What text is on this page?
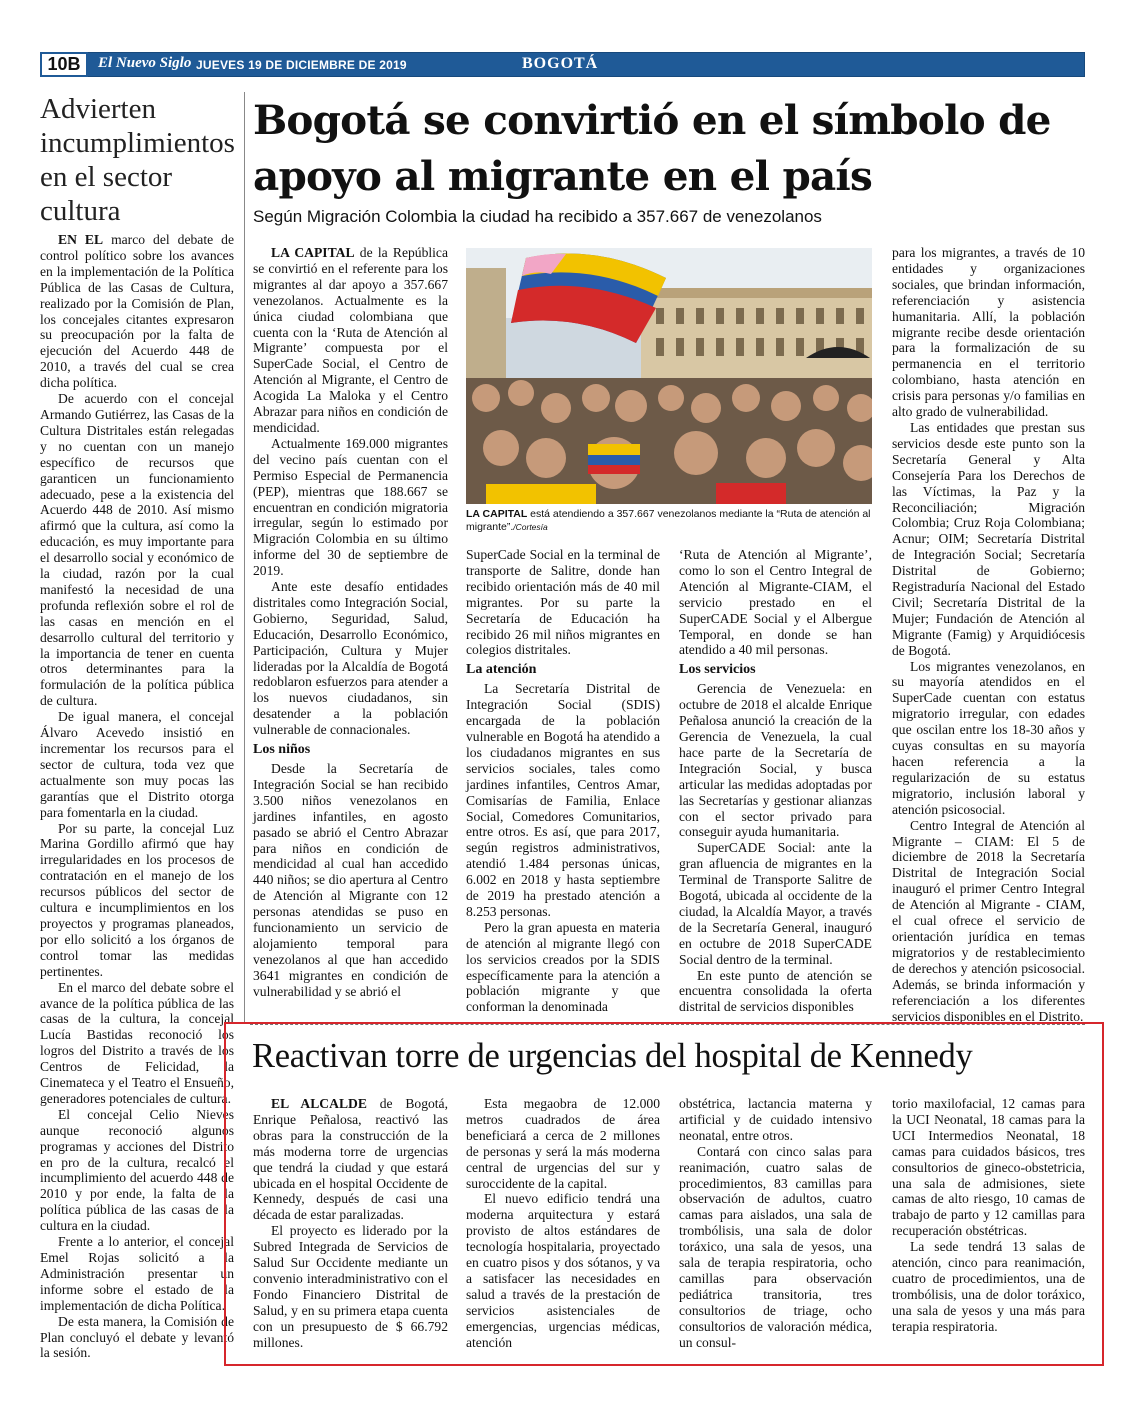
10B	El Nuevo Siglo JUEVES 19 DE DICIEMBRE DE 2019	BOGOTÁ
Advierten incumplimientos en el sector cultura

EN EL marco del debate de control político sobre los avances en la implementación de la Política Pública de las Casas de Cultura, realizado por la Comisión de Plan, los concejales citantes expresaron su preocupación por la falta de ejecución del Acuerdo 448 de 2010, a través del cual se crea dicha política.

De acuerdo con el concejal Armando Gutiérrez, las Casas de la Cultura Distritales están relegadas y no cuentan con un manejo específico de recursos que garanticen un funcionamiento adecuado, pese a la existencia del Acuerdo 448 de 2010. Así mismo afirmó que la cultura, así como la educación, es muy importante para el desarrollo social y económico de la ciudad, razón por la cual manifestó la necesidad de una profunda reflexión sobre el rol de las casas en mención en el desarrollo cultural del territorio y la importancia de tener en cuenta otros determinantes para la formulación de la política pública de cultura.

De igual manera, el concejal Álvaro Acevedo insistió en incrementar los recursos para el sector de cultura, toda vez que actualmente son muy pocas las garantías que el Distrito otorga para fomentarla en la ciudad.

Por su parte, la concejal Luz Marina Gordillo afirmó que hay irregularidades en los procesos de contratación en el manejo de los recursos públicos del sector de cultura e incumplimientos en los proyectos y programas planeados, por ello solicitó a los órganos de control tomar las medidas pertinentes.

En el marco del debate sobre el avance de la política pública de las casas de la cultura, la concejal Lucía Bastidas reconoció los logros del Distrito a través de los Centros de Felicidad, la Cinemateca y el Teatro el Ensueño, generadores potenciales de cultura.

El concejal Celio Nieves aunque reconoció algunos programas y acciones del Distrito en pro de la cultura, recalcó el incumplimiento del acuerdo 448 de 2010 y por ende, la falta de la política pública de las casas de la cultura en la ciudad.

Frente a lo anterior, el concejal Emel Rojas solicitó a la Administración presentar un informe sobre el estado de la implementación de dicha Política.

De esta manera, la Comisión de Plan concluyó el debate y levantó la sesión.

Bogotá se convirtió en el símbolo de apoyo al migrante en el país
Según Migración Colombia la ciudad ha recibido a 357.667 de venezolanos
LA CAPITAL está atendiendo a 357.667 venezolanos mediante la “Ruta de atención al migrante”./Cortesía

LA CAPITAL de la República se convirtió en el referente para los migrantes al dar apoyo a 357.667 venezolanos. Actualmente es la única ciudad colombiana que cuenta con la ‘Ruta de Atención al Migrante’ compuesta por el SuperCade Social, el Centro de Atención al Migrante, el Centro de Acogida La Maloka y el Centro Abrazar para niños en condición de mendicidad.

Actualmente 169.000 migrantes del vecino país cuentan con el Permiso Especial de Permanencia (PEP), mientras que 188.667 se encuentran en condición migratoria irregular, según lo estimado por Migración Colombia en su último informe del 30 de septiembre de 2019.

Ante este desafío entidades distritales como Integración Social, Gobierno, Seguridad, Salud, Educación, Desarrollo Económico, Participación, Cultura y Mujer lideradas por la Alcaldía de Bogotá redoblaron esfuerzos para atender a los nuevos ciudadanos, sin desatender a la población vulnerable de connacionales.

Los niños

Desde la Secretaría de Integración Social se han recibido 3.500 niños venezolanos en jardines infantiles, en agosto pasado se abrió el Centro Abrazar para niños en condición de mendicidad al cual han accedido 440 niños; se dio apertura al Centro de Atención al Migrante con 12 personas atendidas se puso en funcionamiento un servicio de alojamiento temporal para venezolanos al que han accedido 3641 migrantes en condición de vulnerabilidad y se abrió el

SuperCade Social en la terminal de transporte de Salitre, donde han recibido orientación más de 40 mil migrantes. Por su parte la Secretaría de Educación ha recibido 26 mil niños migrantes en colegios distritales.

La atención

La Secretaría Distrital de Integración Social (SDIS) encargada de la población vulnerable en Bogotá ha atendido a los ciudadanos migrantes en sus servicios sociales, tales como jardines infantiles, Centros Amar, Comisarías de Familia, Enlace Social, Comedores Comunitarios, entre otros. Es así, que para 2017, según registros administrativos, atendió 1.484 personas únicas, 6.002 en 2018 y hasta septiembre de 2019 ha prestado atención a 8.253 personas.

Pero la gran apuesta en materia de atención al migrante llegó con los servicios creados por la SDIS específicamente para la atención a población migrante y que conforman la denominada

‘Ruta de Atención al Migrante’, como lo son el Centro Integral de Atención al Migrante-CIAM, el servicio prestado en el SuperCADE Social y el Albergue Temporal, en donde se han atendido a 40 mil personas.

Los servicios

Gerencia de Venezuela: en octubre de 2018 el alcalde Enrique Peñalosa anunció la creación de la Gerencia de Venezuela, la cual hace parte de la Secretaría de Integración Social, y busca articular las medidas adoptadas por las Secretarías y gestionar alianzas con el sector privado para conseguir ayuda humanitaria.

SuperCADE Social: ante la gran afluencia de migrantes en la Terminal de Transporte Salitre de Bogotá, ubicada al occidente de la ciudad, la Alcaldía Mayor, a través de la Secretaría General, inauguró en octubre de 2018 SuperCADE Social dentro de la terminal.

En este punto de atención se encuentra consolidada la oferta distrital de servicios disponibles

para los migrantes, a través de 10 entidades y organizaciones sociales, que brindan información, referenciación y asistencia humanitaria. Allí, la población migrante recibe desde orientación para la formalización de su permanencia en el territorio colombiano, hasta atención en crisis para personas y/o familias en alto grado de vulnerabilidad.

Las entidades que prestan sus servicios desde este punto son la Secretaría General y Alta Consejería Para los Derechos de las Víctimas, la Paz y la Reconciliación; Migración Colombia; Cruz Roja Colombiana; Acnur; OIM; Secretaría Distrital de Integración Social; Secretaría Distrital de Gobierno; Registraduría Nacional del Estado Civil; Secretaría Distrital de la Mujer; Fundación de Atención al Migrante (Famig) y Arquidiócesis de Bogotá.

Los migrantes venezolanos, en su mayoría atendidos en el SuperCade cuentan con estatus migratorio irregular, con edades que oscilan entre los 18-30 años y cuyas consultas en su mayoría hacen referencia a la regularización de su estatus migratorio, inclusión laboral y atención psicosocial.

Centro Integral de Atención al Migrante – CIAM: El 5 de diciembre de 2018 la Secretaría Distrital de Integración Social inauguró el primer Centro Integral de Atención al Migrante - CIAM, el cual ofrece el servicio de orientación jurídica en temas migratorios y de restablecimiento de derechos y atención psicosocial. Además, se brinda información y referenciación a los diferentes servicios disponibles en el Distrito.

Reactivan torre de urgencias del hospital de Kennedy

EL ALCALDE de Bogotá, Enrique Peñalosa, reactivó las obras para la construcción de la más moderna torre de urgencias que tendrá la ciudad y que estará ubicada en el hospital Occidente de Kennedy, después de casi una década de estar paralizadas.

El proyecto es liderado por la Subred Integrada de Servicios de Salud Sur Occidente mediante un convenio interadministrativo con el Fondo Financiero Distrital de Salud, y en su primera etapa cuenta con un presupuesto de $ 66.792 millones.

Esta megaobra de 12.000 metros cuadrados de área beneficiará a cerca de 2 millones de personas y será la más moderna central de urgencias del sur y suroccidente de la capital.

El nuevo edificio tendrá una moderna arquitectura y estará provisto de altos estándares de tecnología hospitalaria, proyectado en cuatro pisos y dos sótanos, y va a satisfacer las necesidades en salud a través de la prestación de servicios asistenciales de emergencias, urgencias médicas, atención

obstétrica, lactancia materna y artificial y de cuidado intensivo neonatal, entre otros.

Contará con cinco salas para reanimación, cuatro salas de procedimientos, 83 camillas para observación de adultos, cuatro camas para aislados, una sala de trombólisis, una sala de dolor toráxico, una sala de yesos, una sala de terapia respiratoria, ocho camillas para observación pediátrica transitoria, tres consultorios de triage, ocho consultorios de valoración médica, un consul-

torio maxilofacial, 12 camas para la UCI Neonatal, 18 camas para la UCI Intermedios Neonatal, 18 camas para cuidados básicos, tres consultorios de gineco-obstetricia, una sala de admisiones, siete camas de alto riesgo, 10 camas de trabajo de parto y 12 camillas para recuperación obstétricas.

La sede tendrá 13 salas de atención, cinco para reanimación, cuatro de procedimientos, una de trombólisis, una de dolor toráxico, una sala de yesos y una más para terapia respiratoria.
